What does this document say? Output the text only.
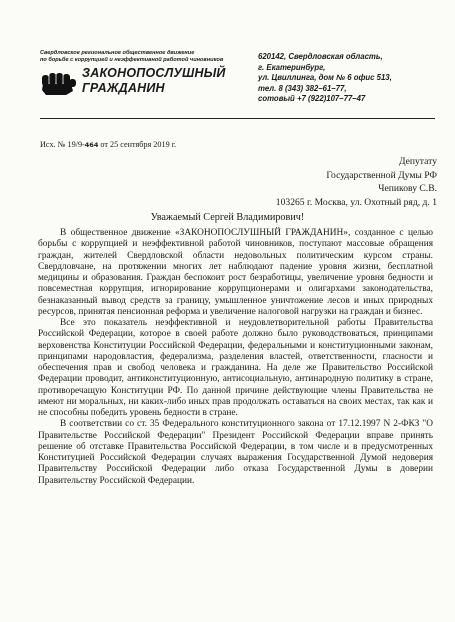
Свердловское региональное общественное движение
по борьбе с коррупцией и неэффективной работой чиновников
ЗАКОНОПОСЛУШНЫЙ
ГРАЖДАНИН
620142, Свердловская область,
г. Екатеринбург,
ул. Цвиллинга, дом № 6 офис 513,
тел. 8 (343) 382–61–77,
сотовый +7 (922)107–77–47
Исх. № 19/9-464 от 25 сентября 2019 г.
Депутату
Государственной Думы РФ
Чепикову С.В.
103265 г. Москва, ул. Охотный ряд, д. 1
Уважаемый Сергей Владимирович!

В общественное движение «ЗАКОНОПОСЛУШНЫЙ ГРАЖДАНИН», созданное с целью борьбы с коррупцией и неэффективной работой чиновников, поступают массовые обращения граждан, жителей Свердловской области недовольных политическим курсом страны. Свердловчане, на протяжении многих лет наблюдают падение уровня жизни, бесплатной медицины и образования. Граждан беспокоит рост безработицы, увеличение уровня бедности и повсеместная коррупция, игнорирование коррупционерами и олигархами законодательства, безнаказанный вывод средств за границу, умышленное уничтожение лесов и иных природных ресурсов, принятая пенсионная реформа и увеличение налоговой нагрузки на граждан и бизнес.

Все это показатель неэффективной и неудовлетворительной работы Правительства Российской Федерации, которое в своей работе должно было руководствоваться, принципами верховенства Конституции Российской Федерации, федеральными и конституционными законам, принципами народовластия, федерализма, разделения властей, ответственности, гласности и обеспечения прав и свобод человека и гражданина. На деле же Правительство Российской Федерации проводит, антиконституционную, антисоциальную, антинародную политику в стране, противоречащую Конституции РФ. По данной причине действующие члены Правительства не имеют ни моральных, ни каких-либо иных прав продолжать оставаться на своих местах, так как и не способны победить уровень бедности в стране.

В соответствии со ст. 35 Федерального конституционного закона от 17.12.1997 N 2-ФКЗ "О Правительстве Российской Федерации" Президент Российской Федерации вправе принять решение об отставке Правительства Российской Федерации, в том числе и в предусмотренных Конституцией Российской Федерации случаях выражения Государственной Думой недоверия Правительству Российской Федерации либо отказа Государственной Думы в доверии Правительству Российской Федерации.
